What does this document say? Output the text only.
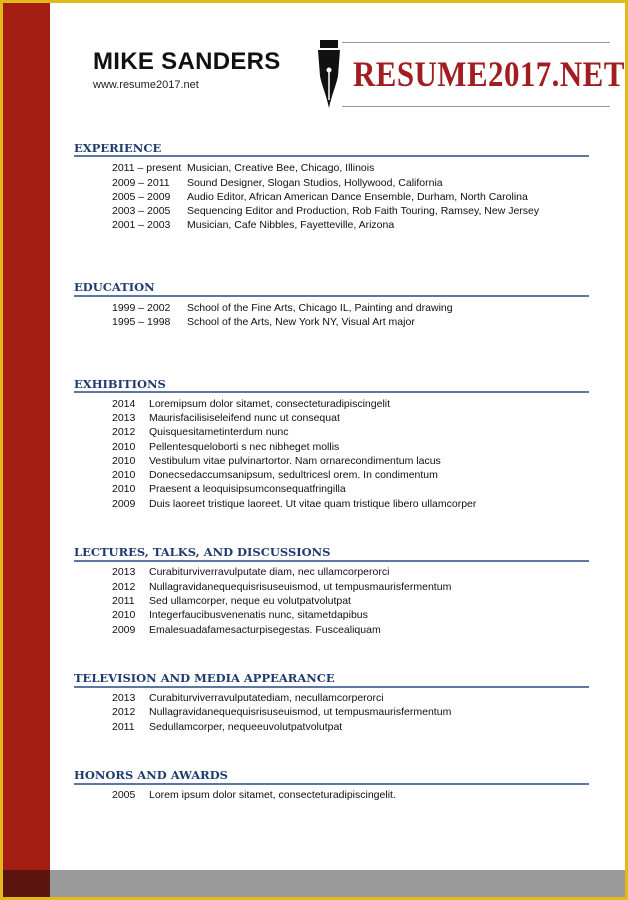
MIKE SANDERS
www.resume2017.net	RESUME2017.NET
EXPERIENCE
2011 – present Musician, Creative Bee, Chicago, Illinois
2009 – 2011	Sound Designer, Slogan Studios, Hollywood, California
2005 – 2009	Audio Editor, African American Dance Ensemble, Durham, North Carolina
2003 – 2005	Sequencing Editor and Production, Rob Faith Touring, Ramsey, New Jersey
2001 – 2003	Musician, Cafe Nibbles, Fayetteville, Arizona
EDUCATION
1999 – 2002	School of the Fine Arts, Chicago IL, Painting and drawing
1995 – 1998	School of the Arts, New York NY, Visual Art major
EXHIBITIONS
2014	Loremipsum dolor sitamet, consecteturadipiscingelit
2013	Maurisfacilisiseleifend nunc ut consequat
2012	Quisquesitametinterdum nunc
2010	Pellentesqueloborti s nec nibheget mollis
2010	Vestibulum vitae pulvinartortor. Nam ornarecondimentum lacus
2010	Donecsedaccumsanipsum, sedultricesl orem. In condimentum
2010	Praesent a leoquisipsumconsequatfringilla
2009	Duis laoreet tristique laoreet. Ut vitae quam tristique libero ullamcorper
LECTURES, TALKS, AND DISCUSSIONS
2013	Curabiturviverravulputate diam, nec ullamcorperorci
2012	Nullagravidanequequisrisuseuismod, ut tempusmaurisfermentum
2011	Sed ullamcorper, neque eu volutpatvolutpat
2010	Integerfaucibusvenenatis nunc, sitametdapibus
2009	Emalesuadafamesacturpisegestas. Fuscealiquam
TELEVISION AND MEDIA APPEARANCE
2013	Curabiturviverravulputatediam, necullamcorperorci
2012	Nullagravidanequequisrisuseuismod, ut tempusmaurisfermentum
2011	Sedullamcorper, nequeeuvolutpatvolutpat
HONORS AND AWARDS
2005	Lorem ipsum dolor sitamet, consecteturadipiscingelit.
